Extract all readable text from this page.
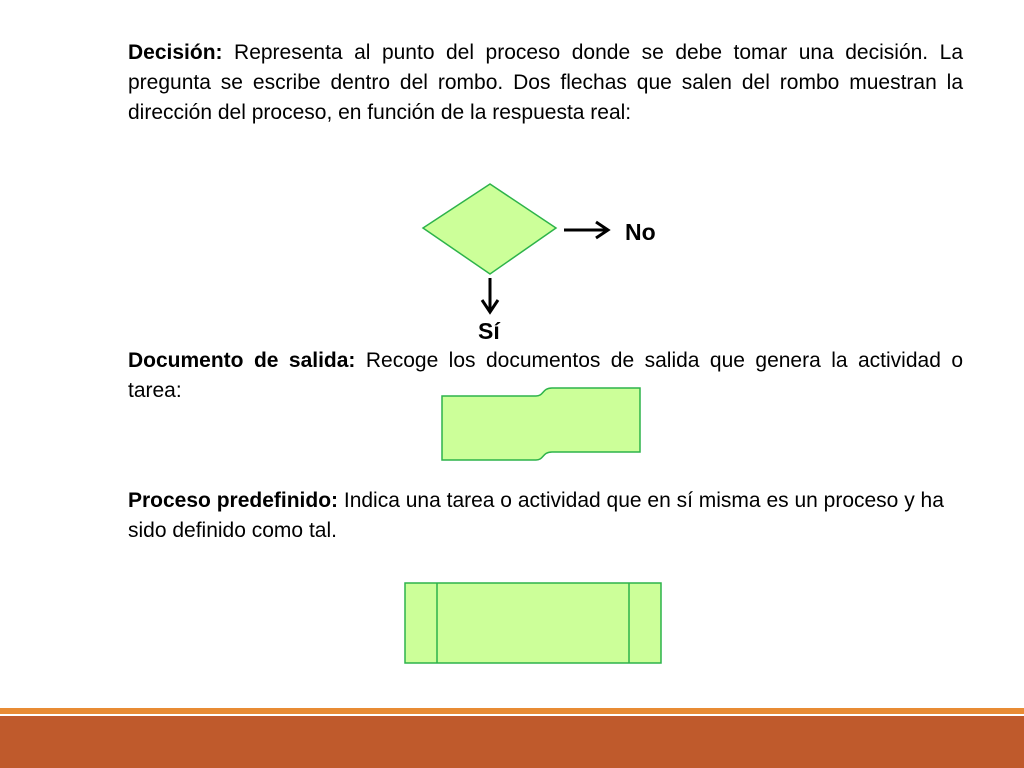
Decisión: Representa al punto del proceso donde se debe tomar una decisión. La pregunta se escribe dentro del rombo. Dos flechas que salen del rombo muestran la dirección del proceso, en función de la respuesta real:

No
Sí

Documento de salida: Recoge los documentos de salida que genera la actividad o tarea:

Proceso predefinido: Indica una tarea o actividad que en sí misma es un proceso y ha sido definido como tal.
